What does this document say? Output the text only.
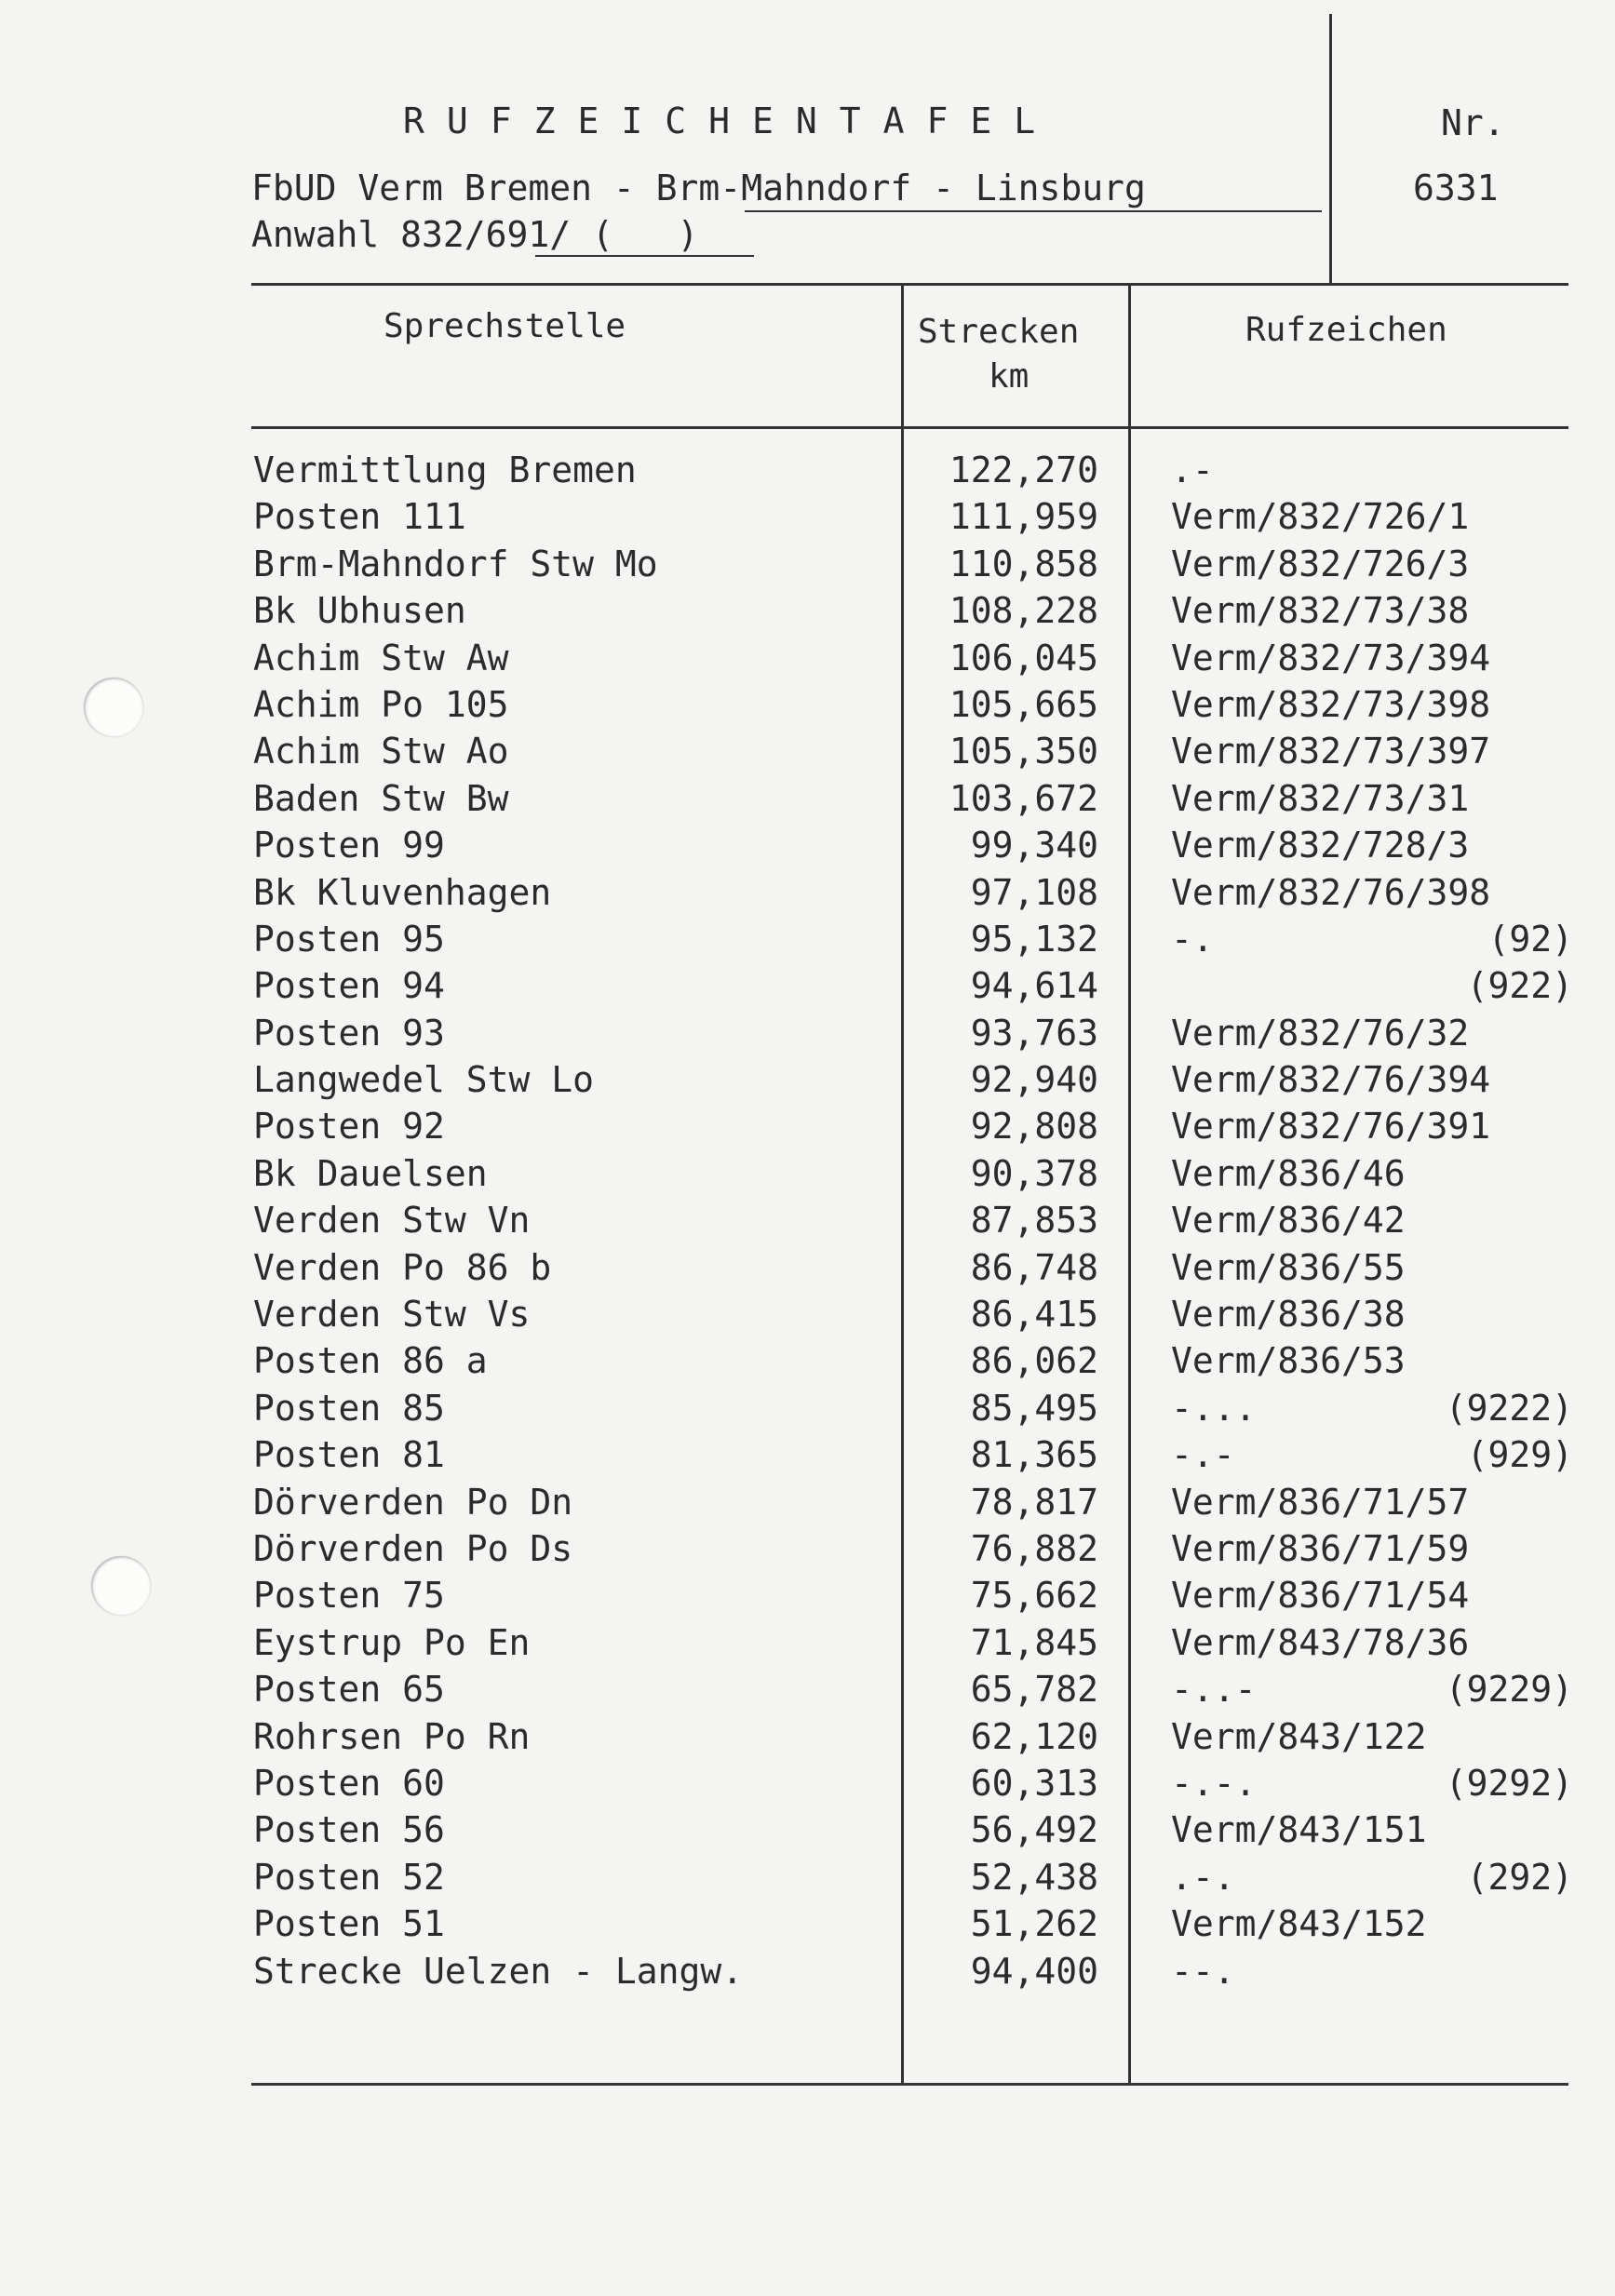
RUFZEICHENTAFEL	Nr.
6331
FbUD Verm Bremen - Brm-Mahndorf - Linsburg
Anwahl 832/691/ (   )
Sprechstelle	Strecken
km
Rufzeichen
Vermittlung Bremen	122,270 .-
Posten 111	111,959 Verm/832/726/1
Brm-Mahndorf Stw Mo	110,858 Verm/832/726/3
Bk Ubhusen	108,228 Verm/832/73/38
Achim Stw Aw	106,045 Verm/832/73/394
Achim Po 105	105,665 Verm/832/73/398
Achim Stw Ao	105,350 Verm/832/73/397
Baden Stw Bw	103,672 Verm/832/73/31
Posten 99	99,340 Verm/832/728/3
Bk Kluvenhagen	97,108 Verm/832/76/398
Posten 95	95,132 -.	(92)
Posten 94	94,614	(922)
Posten 93	93,763 Verm/832/76/32
Langwedel Stw Lo	92,940 Verm/832/76/394
Posten 92	92,808 Verm/832/76/391
Bk Dauelsen	90,378 Verm/836/46
Verden Stw Vn	87,853 Verm/836/42
Verden Po 86 b	86,748 Verm/836/55
Verden Stw Vs	86,415 Verm/836/38
Posten 86 a	86,062 Verm/836/53
Posten 85	85,495 -...	(9222)
Posten 81	81,365 -.-	(929)
Dörverden Po Dn	78,817 Verm/836/71/57
Dörverden Po Ds	76,882 Verm/836/71/59
Posten 75	75,662 Verm/836/71/54
Eystrup Po En	71,845 Verm/843/78/36
Posten 65	65,782 -..-	(9229)
Rohrsen Po Rn	62,120 Verm/843/122
Posten 60	60,313 -.-.	(9292)
Posten 56	56,492 Verm/843/151
Posten 52	52,438 .-.	(292)
Posten 51	51,262 Verm/843/152
Strecke Uelzen - Langw.	94,400 --.
